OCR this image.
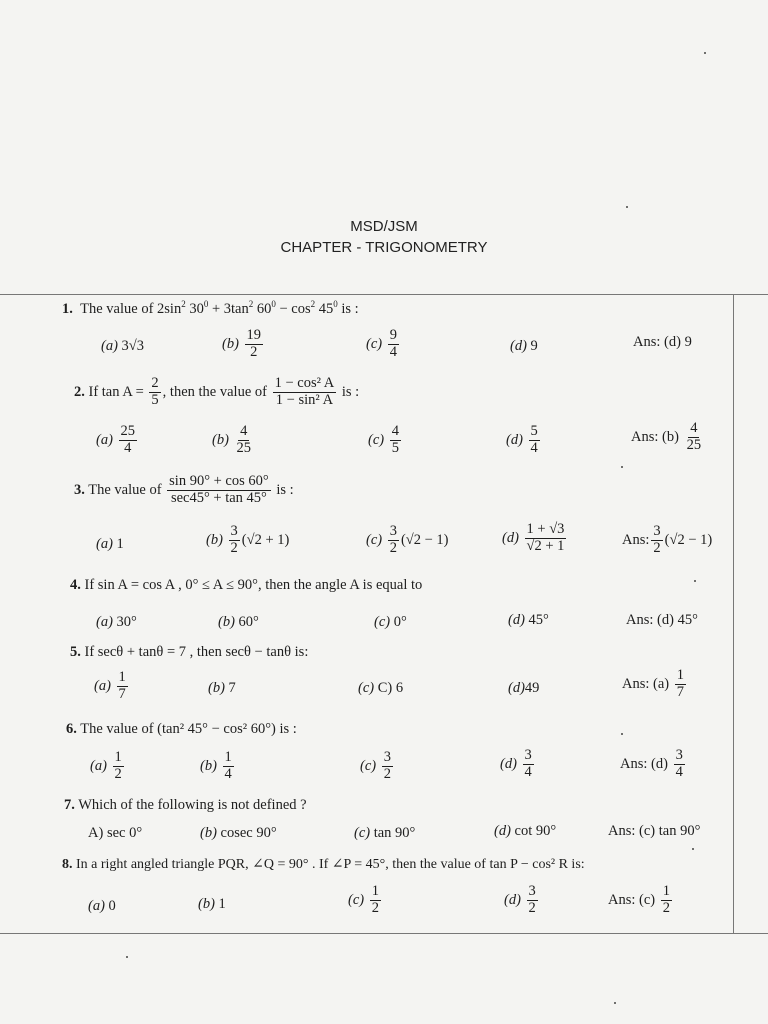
MSD/JSM
CHAPTER - TRIGONOMETRY
1.  The value of $2\sin^2$ $30^0 + 3\tan^2$ $60^0 - \cos^2 45^0$ is :
(a) 3√3	$(b) \frac{19}{2}$	$(c) \frac{9}{4}$	(d) 9	Ans: (d) 9
2. If $\tan A = \frac{2}{5}$ , then the value of $\frac{\text{1 − cos² A}}{\text{1 − sin² A}}$ is :
$(a) \frac{25}{4}$	$(b) \frac{4}{25}$	$(c) \frac{4}{5}$	$(d) \frac{5}{4}$	Ans: $(b) \frac{4}{25}$
3. The value of $\frac{\sin 90^\circ + \cos 60^\circ}{\sec 45^\circ + \tan 45^\circ}$ is :
(a) 1	$(b) \frac{3}{2} (√2 + 1)$	$(c) \frac{3}{2} (√2 - 1)$	$(d) \frac{1 + √3}{√2 + 1}$	Ans: $\frac{3}{2} (√2 - 1)$
4. If sin A = cos A , 0° ≤ A ≤ 90°, then the angle A is equal to
(a) 30°	(b) 60°	(c) 0°	(d) 45°	Ans: (d) 45°
5. If secθ + tanθ = 7 , then secθ − tanθ is:
$(a) \frac{1}{7}$	(b) 7	(c) C) 6	(d)49	Ans: $(a) \frac{1}{7}$
6. The value of (tan² 45° − cos² 60°) is :
$(a) \frac{1}{2}$	$(b) \frac{1}{4}$	$(c) \frac{3}{2}$	$(d) \frac{3}{4}$	Ans: $(d) \frac{3}{4}$
7. Which of the following is not defined ?
A) sec 0°	(b) cosec 90°	(c) tan 90°	(d) cot 90°	Ans: (c) tan 90°
8. In a right angled triangle PQR, ∠Q = 90° . If ∠P = 45°, then the value of tan P − cos² R is:
(a) 0	(b) 1	$(c) \frac{1}{2}$	$(d) \frac{3}{2}$	Ans: $(c) \frac{1}{2}$
